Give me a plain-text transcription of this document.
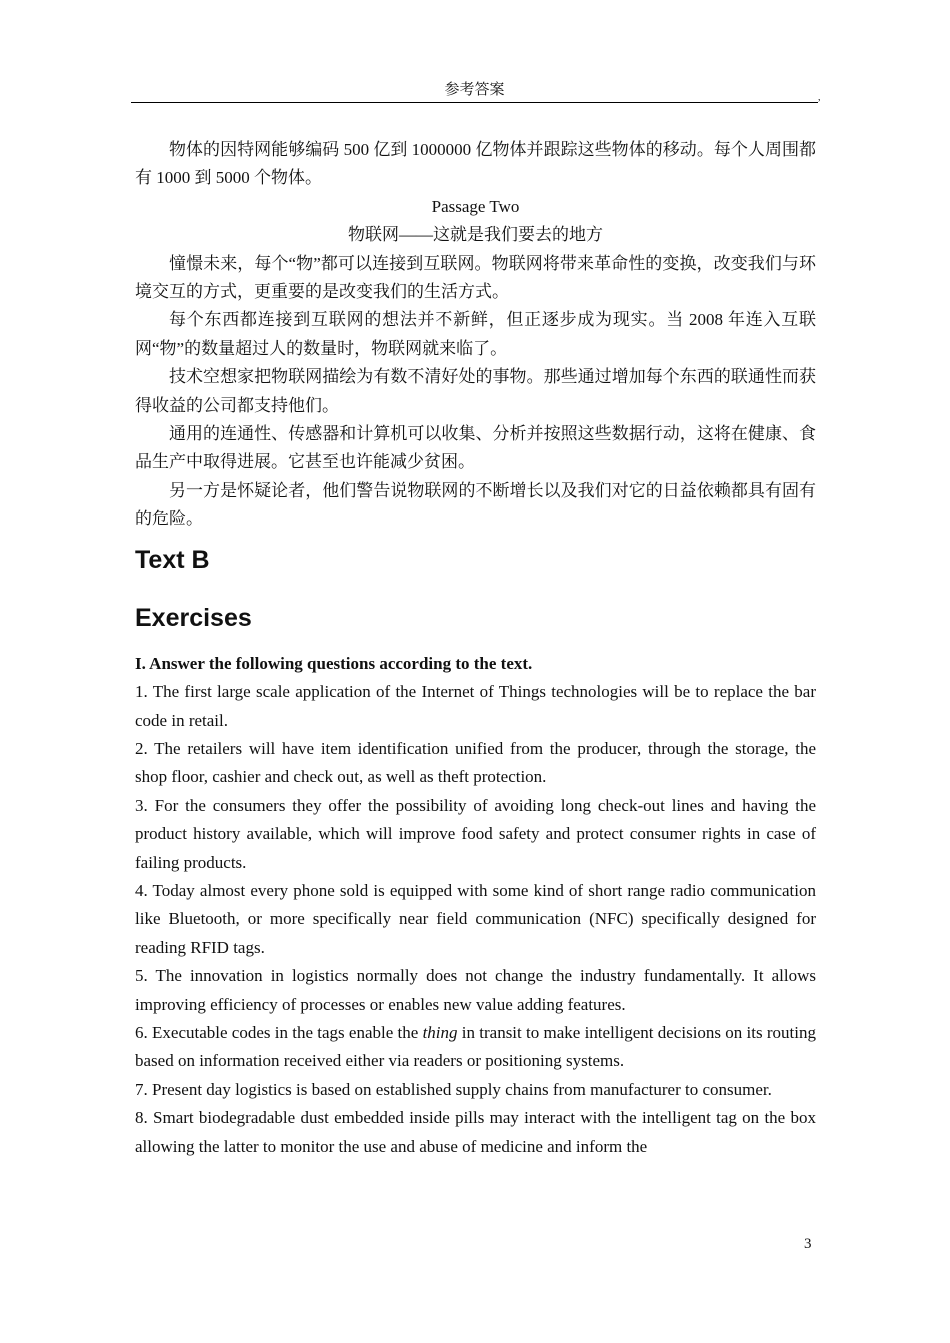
参考答案	,

物体的因特网能够编码 500 亿到 1000000 亿物体并跟踪这些物体的移动。每个人周围都有 1000 到 5000 个物体。

Passage Two

物联网——这就是我们要去的地方

憧憬未来，每个“物”都可以连接到互联网。物联网将带来革命性的变换，改变我们与环境交互的方式，更重要的是改变我们的生活方式。

每个东西都连接到互联网的想法并不新鲜，但正逐步成为现实。当 2008 年连入互联网“物”的数量超过人的数量时，物联网就来临了。

技术空想家把物联网描绘为有数不清好处的事物。那些通过增加每个东西的联通性而获得收益的公司都支持他们。

通用的连通性、传感器和计算机可以收集、分析并按照这些数据行动，这将在健康、食品生产中取得进展。它甚至也许能减少贫困。

另一方是怀疑论者，他们警告说物联网的不断增长以及我们对它的日益依赖都具有固有的危险。

Text B
Exercises

I. Answer the following questions according to the text.

1. The first large scale application of the Internet of Things technologies will be to replace the bar code in retail.

2. The retailers will have item identification unified from the producer, through the storage, the shop floor, cashier and check out, as well as theft protection.

3. For the consumers they offer the possibility of avoiding long check-out lines and having the product history available, which will improve food safety and protect consumer rights in case of failing products.

4. Today almost every phone sold is equipped with some kind of short range radio communication like Bluetooth, or more specifically near field communication (NFC) specifically designed for reading RFID tags.

5. The innovation in logistics normally does not change the industry fundamentally. It allows improving efficiency of processes or enables new value adding features.

6. Executable codes in the tags enable the thing in transit to make intelligent decisions on its routing based on information received either via readers or positioning systems.

7. Present day logistics is based on established supply chains from manufacturer to consumer.

8. Smart biodegradable dust embedded inside pills may interact with the intelligent tag on the box allowing the latter to monitor the use and abuse of medicine and inform the

3
